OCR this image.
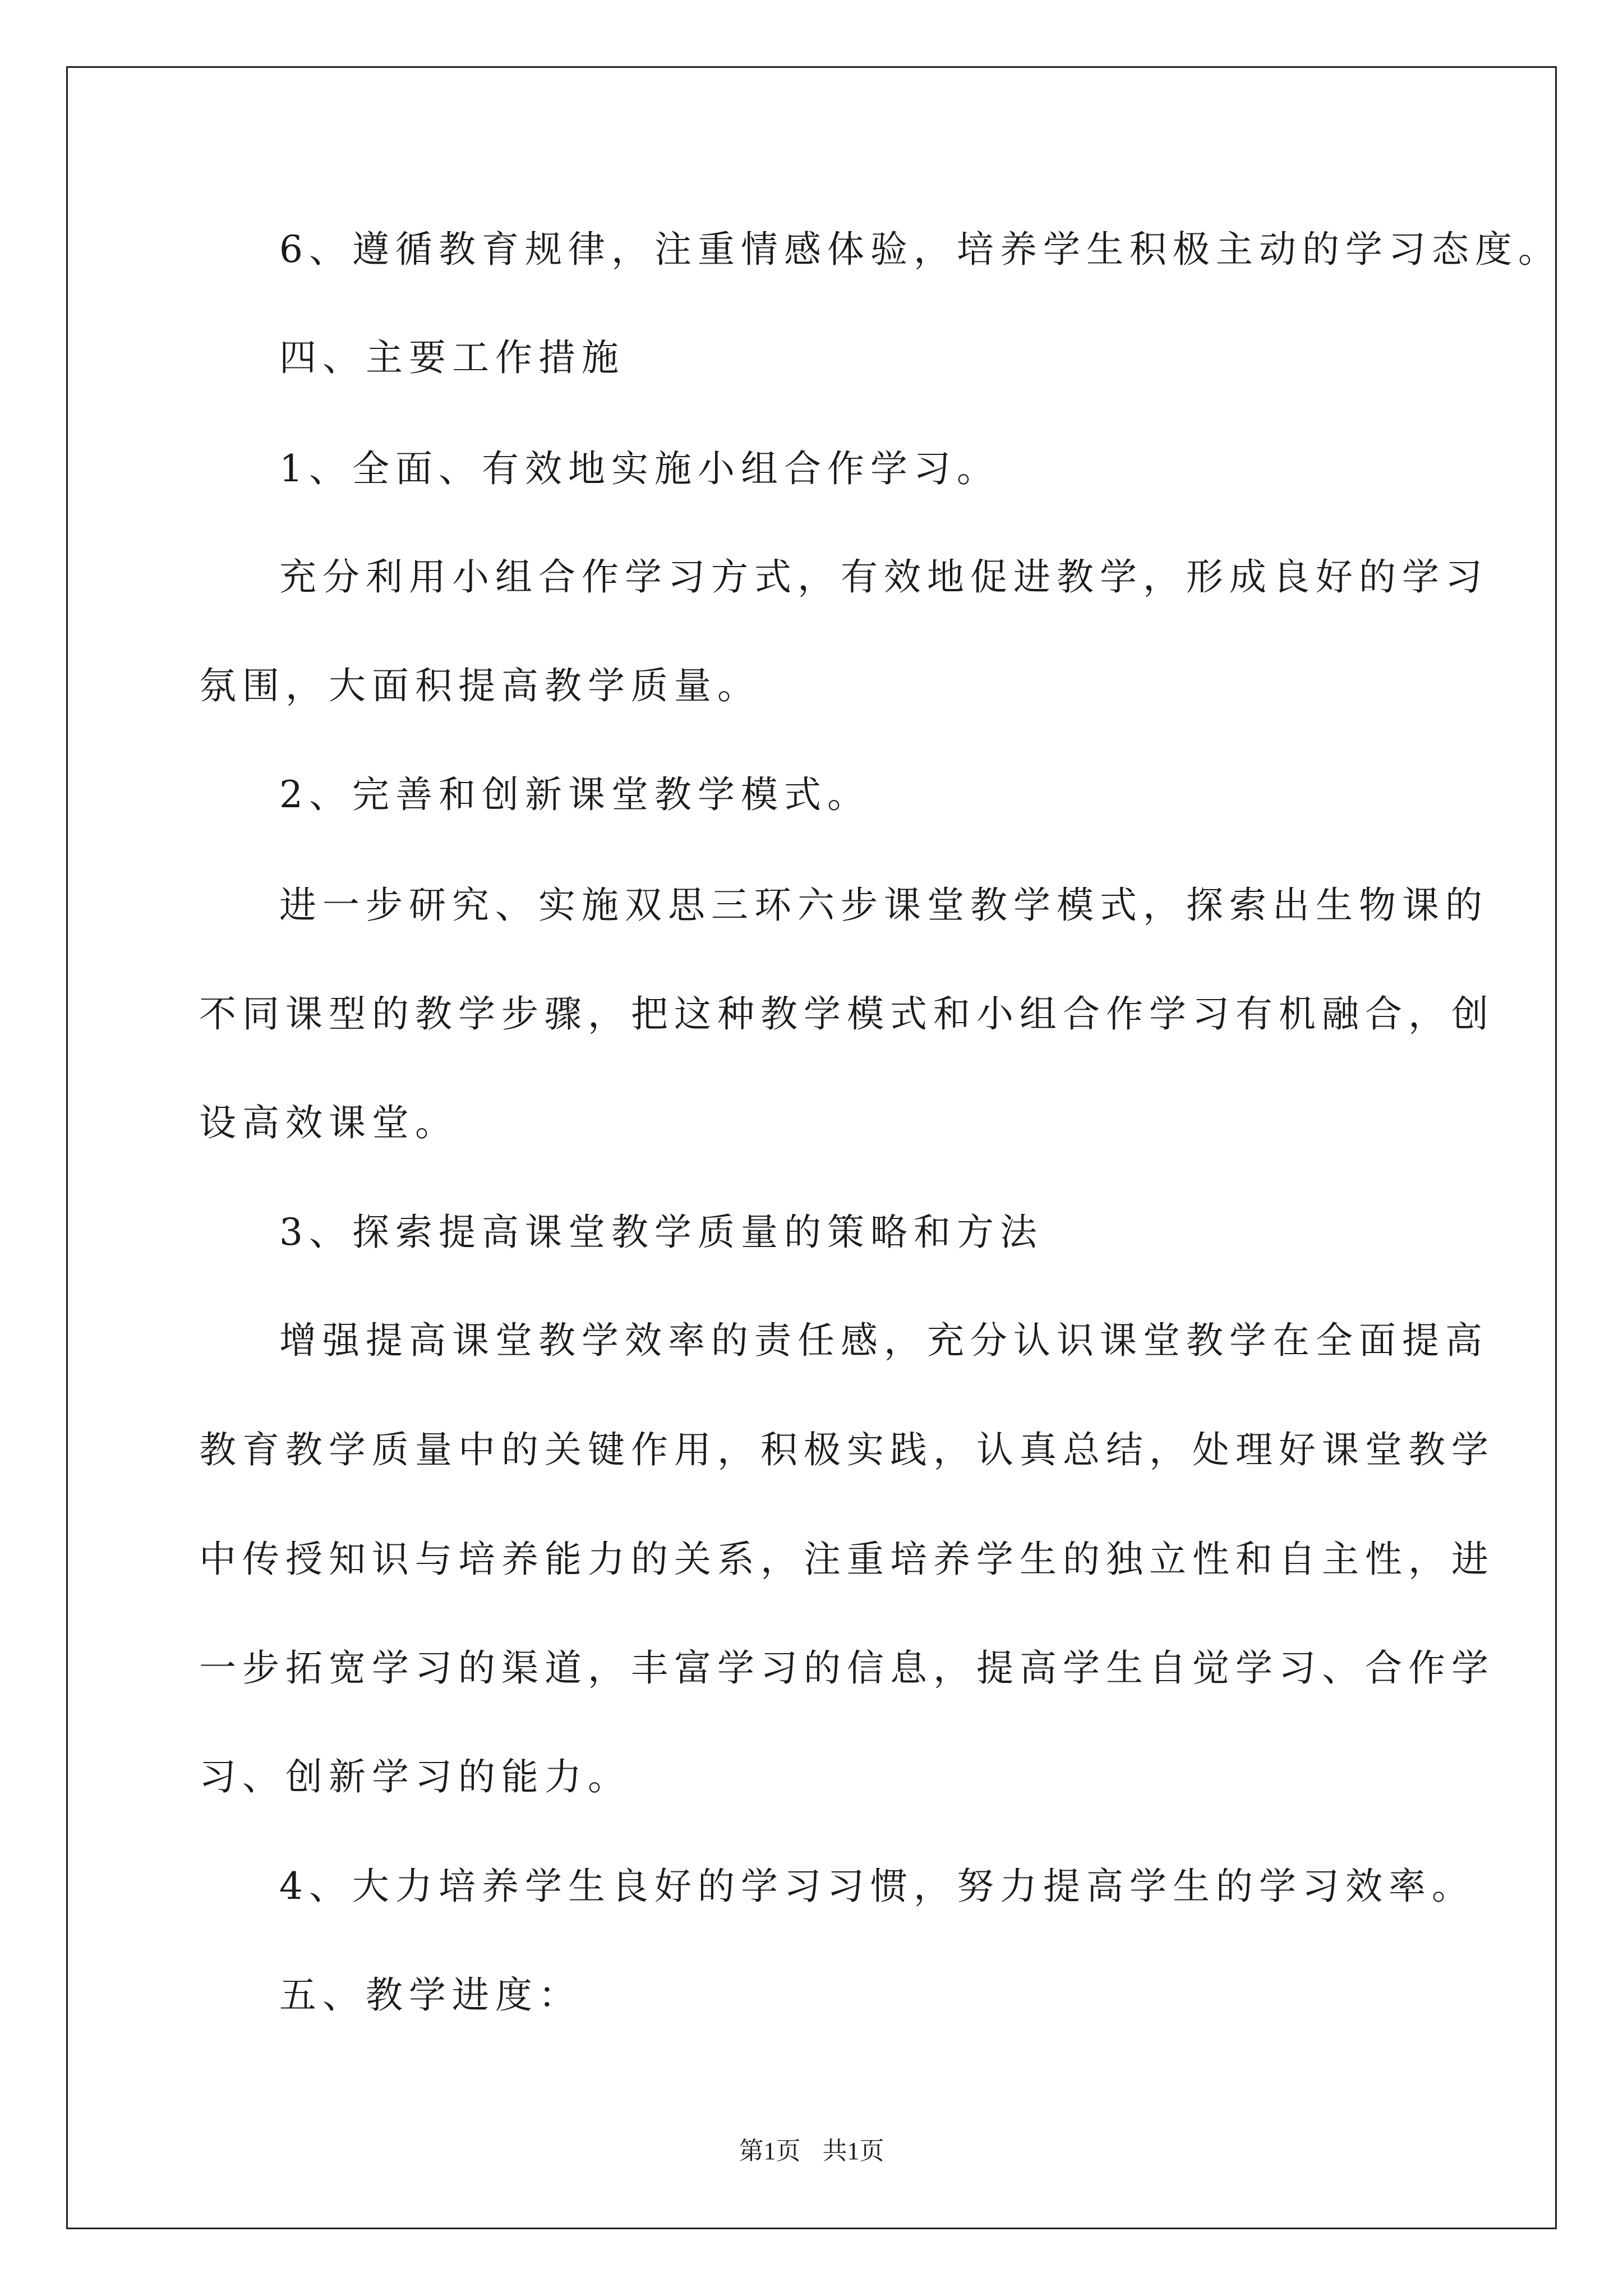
6、遵循教育规律，注重情感体验，培养学生积极主动的学习态度。

四、主要工作措施

1、全面、有效地实施小组合作学习。

充分利用小组合作学习方式，有效地促进教学，形成良好的学习

氛围，大面积提高教学质量。

2、完善和创新课堂教学模式。

进一步研究、实施双思三环六步课堂教学模式，探索出生物课的

不同课型的教学步骤，把这种教学模式和小组合作学习有机融合，创

设高效课堂。

3、探索提高课堂教学质量的策略和方法

增强提高课堂教学效率的责任感，充分认识课堂教学在全面提高

教育教学质量中的关键作用，积极实践，认真总结，处理好课堂教学

中传授知识与培养能力的关系，注重培养学生的独立性和自主性，进

一步拓宽学习的渠道，丰富学习的信息，提高学生自觉学习、合作学

习、创新学习的能力。

4、大力培养学生良好的学习习惯，努力提高学生的学习效率。

五、教学进度：

第1页 共1页
